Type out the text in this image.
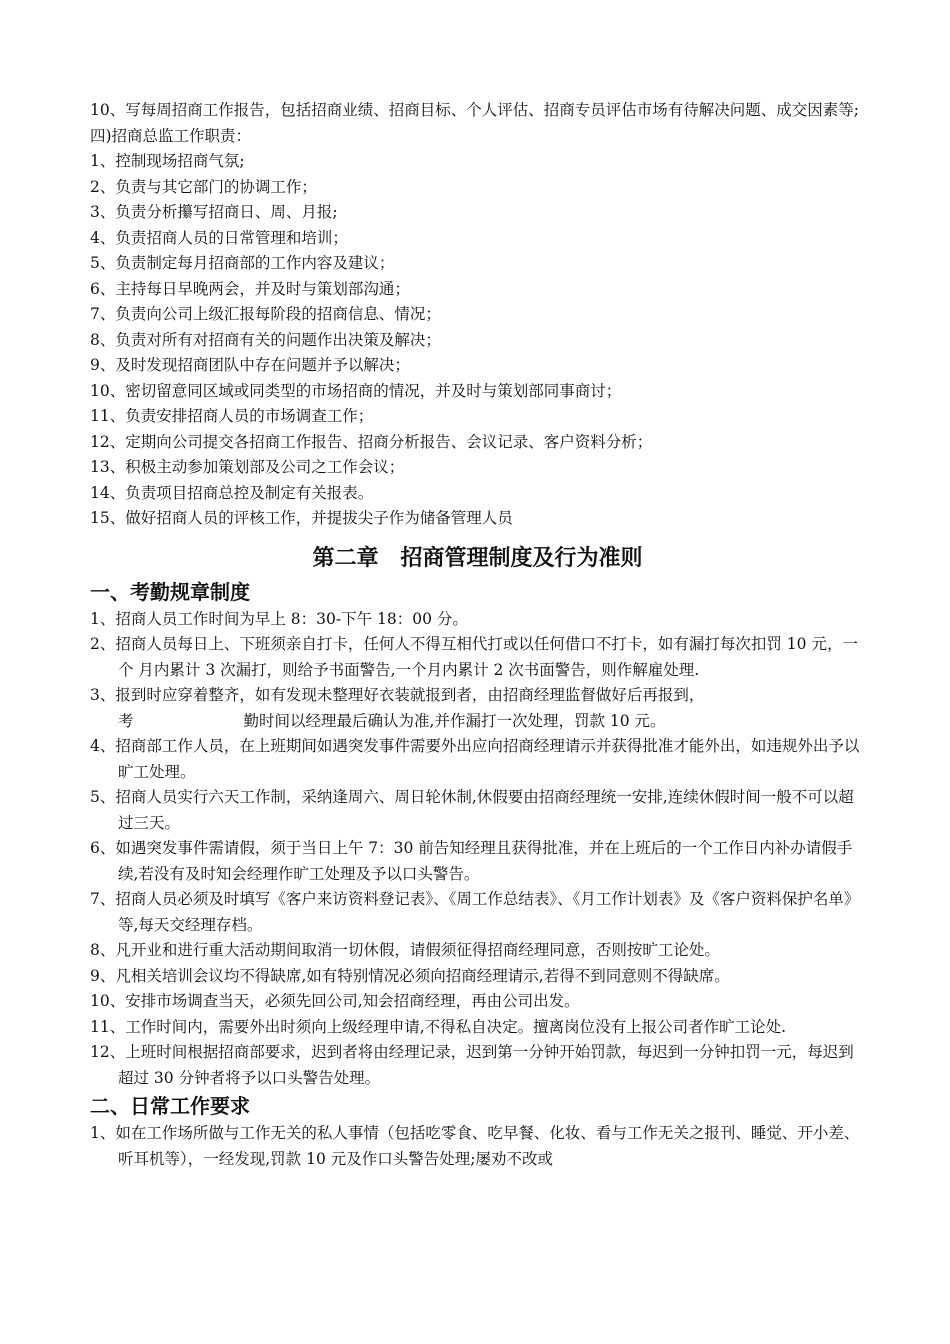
10、写每周招商工作报告，包括招商业绩、招商目标、个人评估、招商专员评估市场有待解决问题、成交因素等;

四)招商总监工作职责：

1、控制现场招商气氛;

2、负责与其它部门的协调工作；

3、负责分析攥写招商日、周、月报;

4、负责招商人员的日常管理和培训；

5、负责制定每月招商部的工作内容及建议；

6、主持每日早晚两会，并及时与策划部沟通；

7、负责向公司上级汇报每阶段的招商信息、情况；

8、负责对所有对招商有关的问题作出决策及解决；

9、及时发现招商团队中存在问题并予以解决；

10、密切留意同区域或同类型的市场招商的情况，并及时与策划部同事商讨；

11、负责安排招商人员的市场调查工作；

12、定期向公司提交各招商工作报告、招商分析报告、会议记录、客户资料分析；

13、积极主动参加策划部及公司之工作会议；

14、负责项目招商总控及制定有关报表。

15、做好招商人员的评核工作，并提拔尖子作为储备管理人员

第二章　招商管理制度及行为准则
一、考勤规章制度

1、招商人员工作时间为早上 8：30-下午 18：00 分。

2、招商人员每日上、下班须亲自打卡，任何人不得互相代打或以任何借口不打卡，如有漏打每次扣罚 10 元，一个 月内累计 3 次漏打，则给予书面警告,一个月内累计 2 次书面警告，则作解雇处理.

3、报到时应穿着整齐，如有发现未整理好衣装就报到者，由招商经理监督做好后再报到，
考	勤时间以经理最后确认为准,并作漏打一次处理，罚款 10 元。

4、招商部工作人员，在上班期间如遇突发事件需要外出应向招商经理请示并获得批准才能外出，如违规外出予以旷工处理。

5、招商人员实行六天工作制，采纳逢周六、周日轮休制,休假要由招商经理统一安排,连续休假时间一般不可以超过三天。

6、如遇突发事件需请假，须于当日上午 7：30 前告知经理且获得批准，并在上班后的一个工作日内补办请假手续,若没有及时知会经理作旷工处理及予以口头警告。

7、招商人员必须及时填写《客户来访资料登记表》、《周工作总结表》、《月工作计划表》及《客户资料保护名单》等,每天交经理存档。

8、凡开业和进行重大活动期间取消一切休假，请假须征得招商经理同意，否则按旷工论处。

9、凡相关培训会议均不得缺席,如有特别情况必须向招商经理请示,若得不到同意则不得缺席。

10、安排市场调查当天，必须先回公司,知会招商经理，再由公司出发。

11、工作时间内，需要外出时须向上级经理申请,不得私自决定。擅离岗位没有上报公司者作旷工论处.

12、上班时间根据招商部要求，迟到者将由经理记录，迟到第一分钟开始罚款，每迟到一分钟扣罚一元，每迟到超过 30 分钟者将予以口头警告处理。

二、日常工作要求

1、如在工作场所做与工作无关的私人事情（包括吃零食、吃早餐、化妆、看与工作无关之报刊、睡觉、开小差、听耳机等），一经发现,罚款 10 元及作口头警告处理;屡劝不改或
